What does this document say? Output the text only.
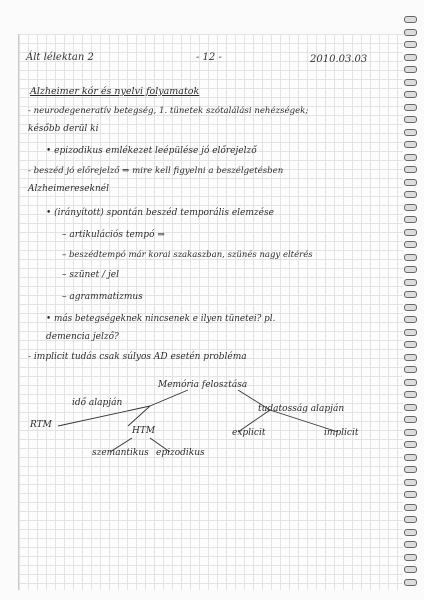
Ált lélektan 2	- 12 -	2010.03.03
Alzheimer kór és nyelvi folyamatok
- neurodegeneratív betegség, 1. tünetek szótalálási nehézségek;
később derül ki
• epizodikus emlékezet leépülése jó előrejelző
- beszéd jó előrejelző ⇒ mire kell figyelni a beszélgetésben
Alzheimereseknél
• (irányított) spontán beszéd temporális elemzése
– artikulációs tempó ⇒
– beszédtempó már korai szakaszban, szünés nagy eltérés
– szünet / jel
– agrammatizmus
• más betegségeknek nincsenek e ilyen tünetei? pl.
demencia jelző?
- implicit tudás csak súlyos AD esetén probléma
Memória felosztása
idő alapján
tudatosság alapján
RTM
HTM	explicit	implicit
szemantikus epizodikus
